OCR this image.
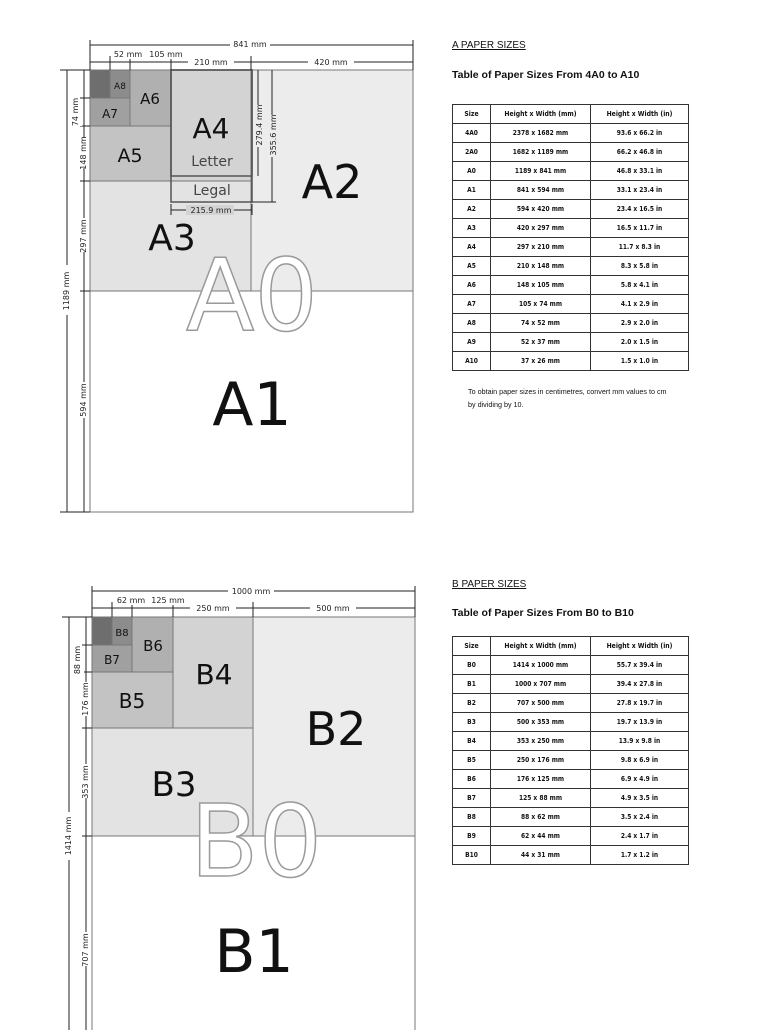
A0
A1
A2
A3
A4
A5
A6
A7
A8
Letter
Legal
841 mm
52 mm 105 mm
210 mm	420 mm
1189 mm
74 mm
148 mm
297 mm
594 mm
215.9 mm
279.4 mm 355.6 mm
A PAPER SIZES
Table of Paper Sizes From 4A0 to A10
Size	Height x Width (mm)	Height x Width (in)
4A0	2378 x 1682 mm	93.6 x 66.2 in
2A0	1682 x 1189 mm	66.2 x 46.8 in
A0	1189 x 841 mm	46.8 x 33.1 in
A1	841 x 594 mm	33.1 x 23.4 in
A2	594 x 420 mm	23.4 x 16.5 in
A3	420 x 297 mm	16.5 x 11.7 in
A4	297 x 210 mm	11.7 x 8.3 in
A5	210 x 148 mm	8.3 x 5.8 in
A6	148 x 105 mm	5.8 x 4.1 in
A7	105 x 74 mm	4.1 x 2.9 in
A8	74 x 52 mm	2.9 x 2.0 in
A9	52 x 37 mm	2.0 x 1.5 in
A10	37 x 26 mm	1.5 x 1.0 in
To obtain paper sizes in centimetres, convert mm values to cm by dividing by 10.
B0
B1
B2
B3
B4
B5
B6
B7
B8
1000 mm
62 mm 125 mm
250 mm	500 mm
1414 mm
88 mm
176 mm
353 mm
707 mm
B PAPER SIZES
Table of Paper Sizes From B0 to B10
Size	Height x Width (mm)	Height x Width (in)
B0	1414 x 1000 mm	55.7 x 39.4 in
B1	1000 x 707 mm	39.4 x 27.8 in
B2	707 x 500 mm	27.8 x 19.7 in
B3	500 x 353 mm	19.7 x 13.9 in
B4	353 x 250 mm	13.9 x 9.8 in
B5	250 x 176 mm	9.8 x 6.9 in
B6	176 x 125 mm	6.9 x 4.9 in
B7	125 x 88 mm	4.9 x 3.5 in
B8	88 x 62 mm	3.5 x 2.4 in
B9	62 x 44 mm	2.4 x 1.7 in
B10	44 x 31 mm	1.7 x 1.2 in
